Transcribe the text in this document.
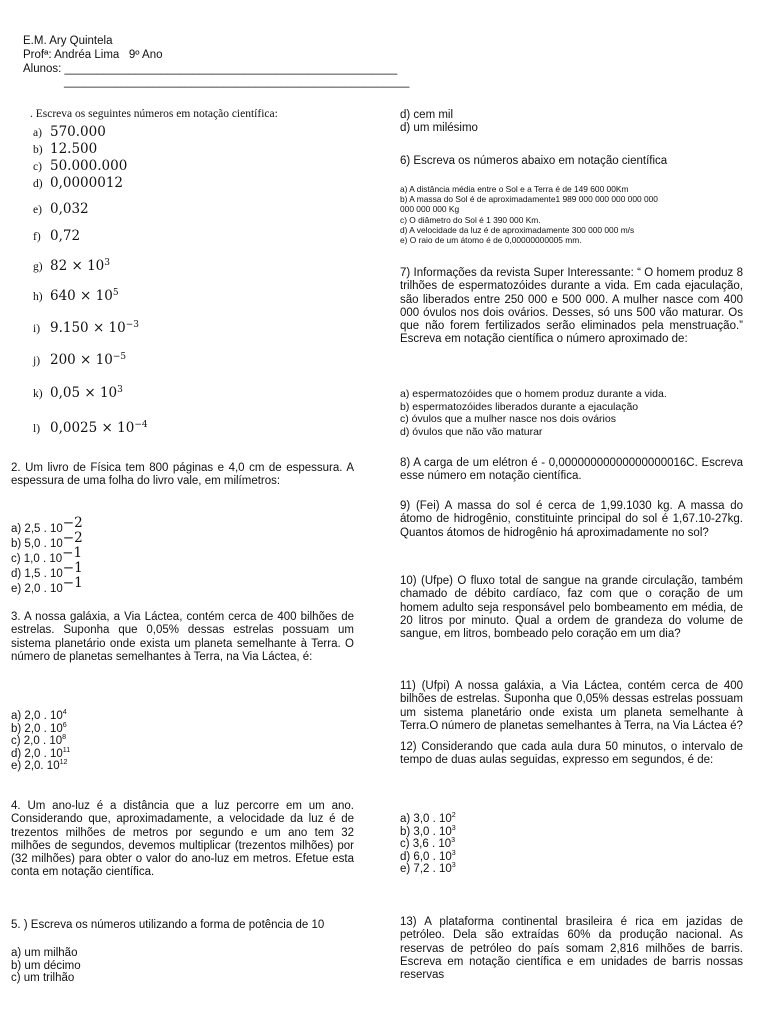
E.M. Ary Quintela
Profª: Andréa Lima   9º Ano
Alunos: ____________________________________________________
______________________________________________________
. Escreva os seguintes números em notação científica:
a) 570.000
b) 12.500
c) 50.000.000
d) 0,0000012
e) 0,032
f) 0,72
g) $82 \times 10^3$
h) $640 \times 10^5$
i) $9.150 \times 10^{-3}$
j) $200 \times 10^{-5}$
k) $0,05 \times 10^3$
l) $0,0025 \times 10^{-4}$
2. Um livro de Física tem 800 páginas e 4,0 cm de espessura. A espessura de uma folha do livro vale, em milímetros:
a) 2,5 . $10^{-2}$
b) 5,0 . $10^{-2}$
c) 1,0 . $10^{-1}$
d) 1,5 . $10^{-1}$
e) 2,0 . $10^{-1}$
3. A nossa galáxia, a Via Láctea, contém cerca de 400 bilhões de estrelas. Suponha que 0,05% dessas estrelas possuam um sistema planetário onde exista um planeta semelhante à Terra. O número de planetas semelhantes à Terra, na Via Láctea, é:
a) 2,0 . $10^4$
b) 2,0 . $10^6$
c) 2,0 . $10^8$
d) 2,0 . $10^{11}$
e) 2,0. $10^{12}$
4. Um ano-luz é a distância que a luz percorre em um ano. Considerando que, aproximadamente, a velocidade da luz é de trezentos milhões de metros por segundo e um ano tem 32 milhões de segundos, devemos multiplicar (trezentos milhões) por (32 milhões) para obter o valor do ano-luz em metros. Efetue esta conta em notação científica.
5. ) Escreva os números utilizando a forma de potência de 10
a) um milhão
b) um décimo
c) um trilhão
d) cem mil
d) um milésimo
6) Escreva os números abaixo em notação científica
a) A distância média entre o Sol e a Terra é de 149 600 00Km
b) A massa do Sol é de aproximadamente1 989 000 000 000 000 000
000 000 000 Kg
c) O diâmetro do Sol é 1 390 000 Km.
d) A velocidade da luz é de aproximadamente 300 000 000 m/s
e) O raio de um átomo é de 0,00000000005 mm.
7) Informações da revista Super Interessante: “ O homem produz 8 trilhões de espermatozóides durante a vida. Em cada ejaculação, são liberados entre 250 000 e 500 000. A mulher nasce com 400 000 óvulos nos dois ovários. Desses, só uns 500 vão maturar. Os que não forem fertilizados serão eliminados pela menstruação.” Escreva em notação científica o número aproximado de:
a) espermatozóides que o homem produz durante a vida.
b) espermatozóides liberados durante a ejaculação
c) óvulos que a mulher nasce nos dois ovários
d) óvulos que não vão maturar
8) A carga de um elétron é - 0,00000000000000000016C. Escreva esse número em notação científica.
9) (Fei) A massa do sol é cerca de 1,99.1030 kg. A massa do átomo de hidrogênio, constituinte principal do sol é 1,67.10-27kg. Quantos átomos de hidrogênio há aproximadamente no sol?
10) (Ufpe) O fluxo total de sangue na grande circulação, também chamado de débito cardíaco, faz com que o coração de um homem adulto seja responsável pelo bombeamento em média, de 20 litros por minuto. Qual a ordem de grandeza do volume de sangue, em litros, bombeado pelo coração em um dia?
11) (Ufpi) A nossa galáxia, a Via Láctea, contém cerca de 400 bilhões de estrelas. Suponha que 0,05% dessas estrelas possuam um sistema planetário onde exista um planeta semelhante à Terra.O número de planetas semelhantes à Terra, na Via Láctea é?
12) Considerando que cada aula dura 50 minutos, o intervalo de tempo de duas aulas seguidas, expresso em segundos, é de:
a) 3,0 . $10^2$
b) 3,0 . $10^3$
c) 3,6 . $10^3$
d) 6,0 . $10^3$
e) 7,2 . $10^3$
13) A plataforma continental brasileira é rica em jazidas de petróleo. Dela são extraídas 60% da produção nacional. As reservas de petróleo do país somam 2,816 milhões de barris. Escreva em notação científica e em unidades de barris nossas reservas
